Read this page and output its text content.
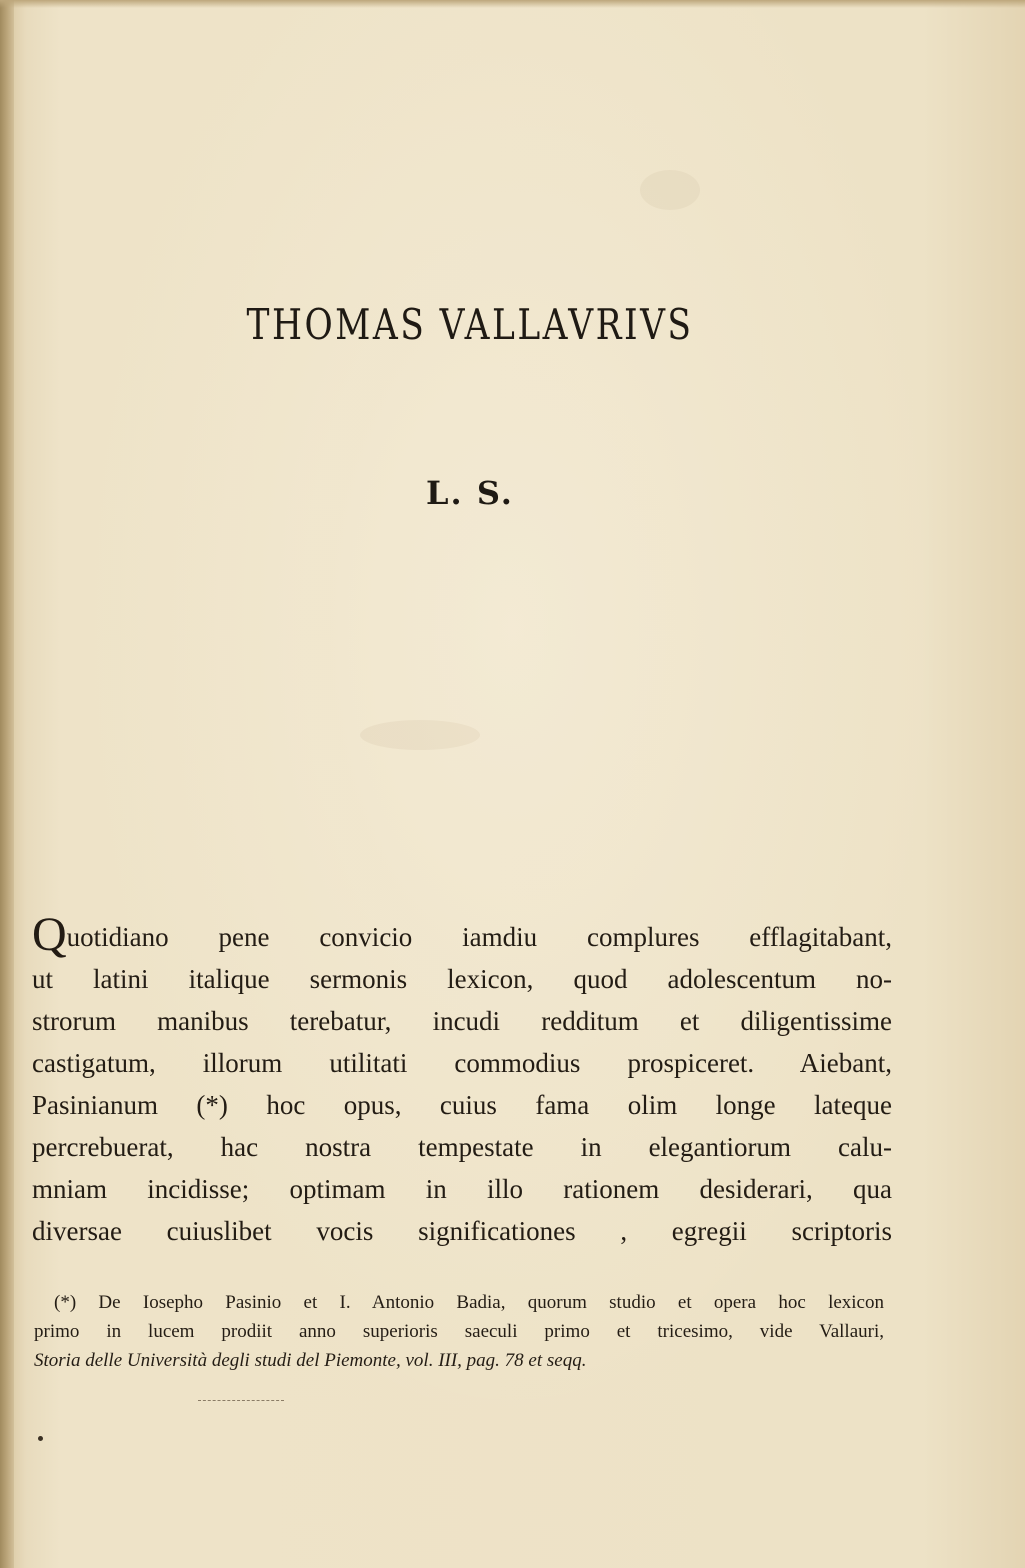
THOMAS VALLAVRIVS
L. S.
Quotidiano pene convicio iamdiu complures efflagitabant,
ut latini italique sermonis lexicon, quod adolescentum no-
strorum manibus terebatur, incudi redditum et diligentissime
castigatum, illorum utilitati commodius prospiceret. Aiebant,
Pasinianum (*) hoc opus, cuius fama olim longe lateque
percrebuerat, hac nostra tempestate in elegantiorum calu-
mniam incidisse; optimam in illo rationem desiderari, qua
diversae cuiuslibet vocis significationes , egregii scriptoris
(*) De Iosepho Pasinio et I. Antonio Badia, quorum studio et opera hoc lexicon
primo in lucem prodiit anno superioris saeculi primo et tricesimo, vide Vallauri,
Storia delle Università degli studi del Piemonte, vol. III, pag. 78 et seqq.
